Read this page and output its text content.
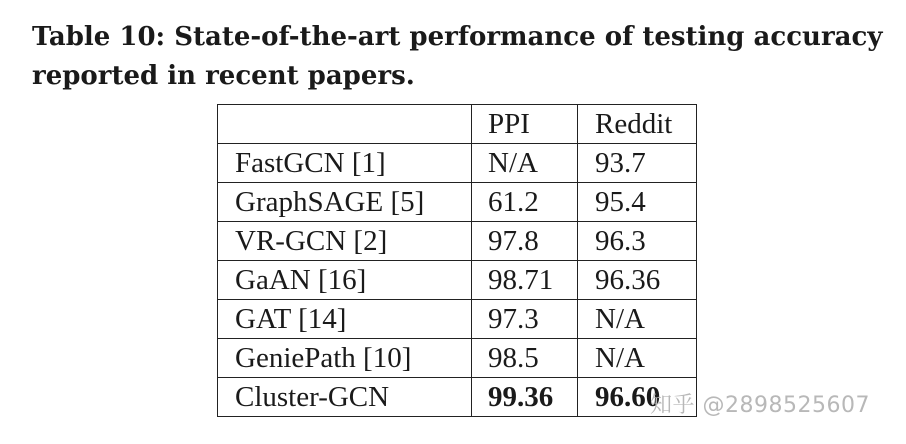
Table 10: State-of-the-art performance of testing accuracy
reported in recent papers.
	PPI	Reddit
FastGCN [1]	N/A	93.7
GraphSAGE [5]	61.2	95.4
VR-GCN [2]	97.8	96.3
GaAN [16]	98.71	96.36
GAT [14]	97.3	N/A
GeniePath [10]	98.5	N/A
Cluster-GCN	99.36	96.60
知乎 @2898525607
